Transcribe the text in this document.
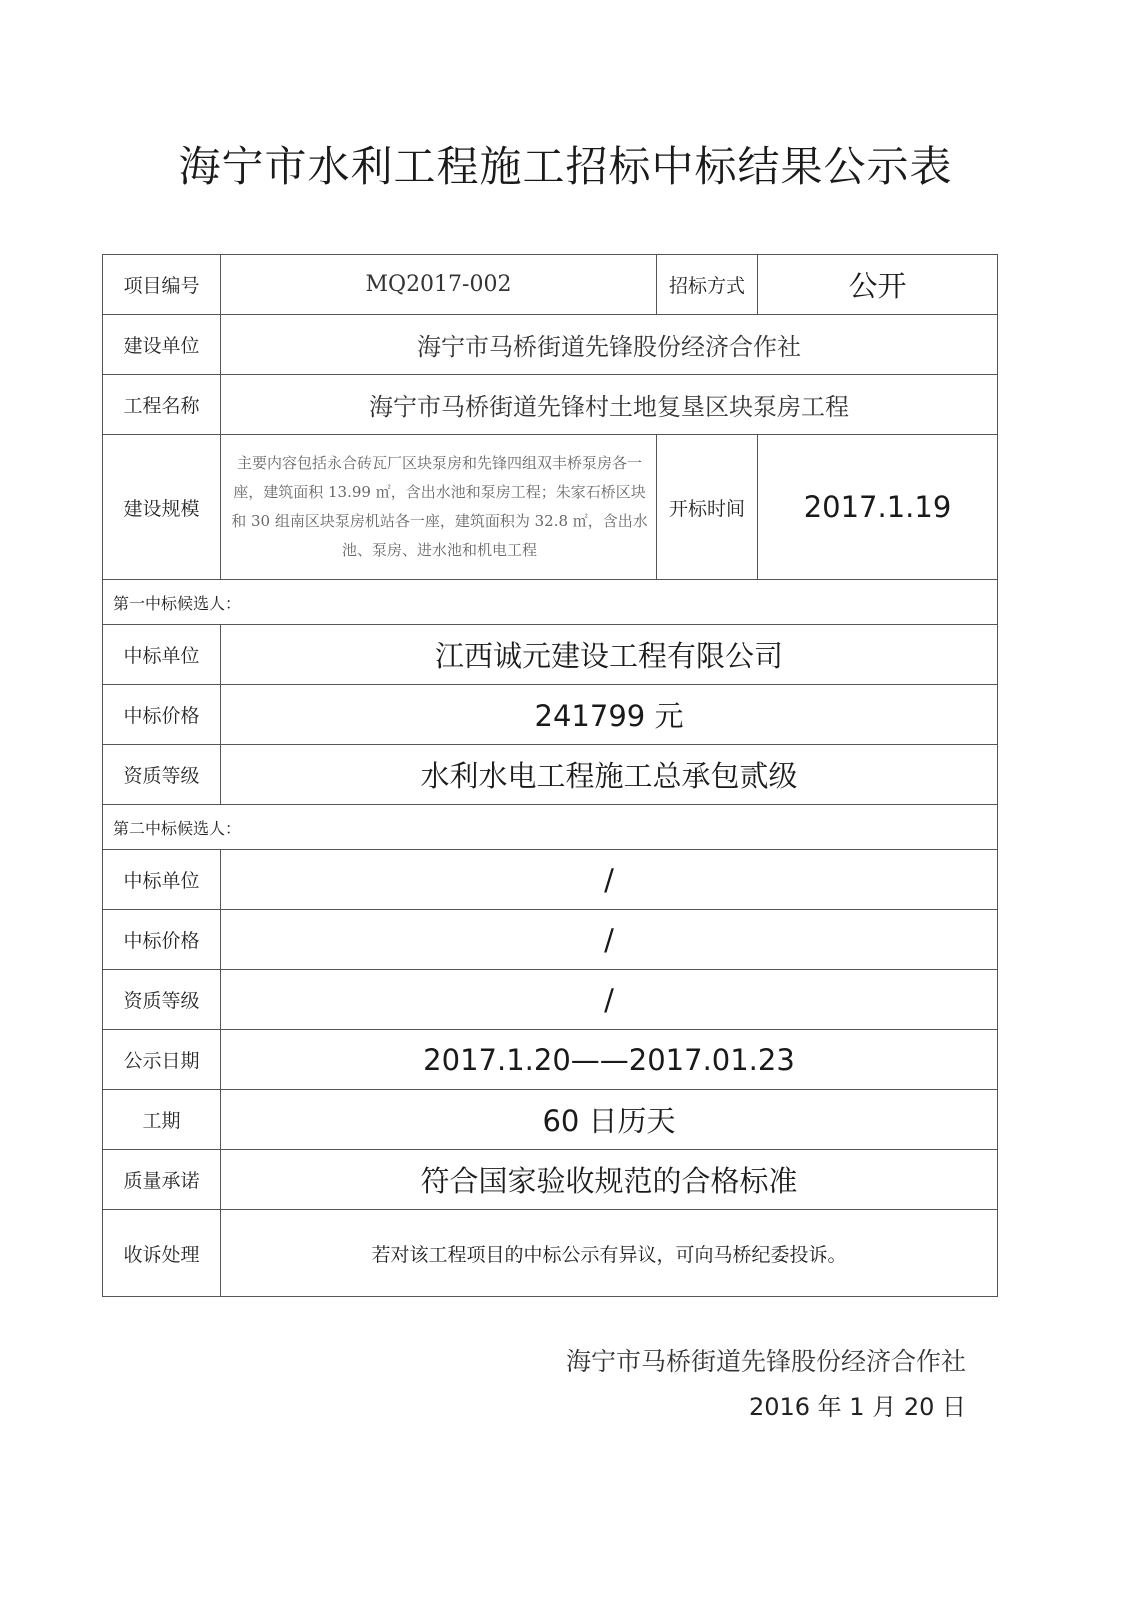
海宁市水利工程施工招标中标结果公示表
项目编号	MQ2017-002	招标方式	公开
建设单位	海宁市马桥街道先锋股份经济合作社		
工程名称	海宁市马桥街道先锋村土地复垦区块泵房工程		
建设规模	主要内容包括永合砖瓦厂区块泵房和先锋四组双丰桥泵房各一座，建筑面积 13.99 ㎡，含出水池和泵房工程；朱家石桥区块和 30 组南区块泵房机站各一座，建筑面积为 32.8 ㎡，含出水池、泵房、进水池和机电工程	开标时间	2017.1.19
第一中标候选人：			
中标单位	江西诚元建设工程有限公司		
中标价格	241799 元		
资质等级	水利水电工程施工总承包贰级		
第二中标候选人：			
中标单位	/		
中标价格	/		
资质等级	/		
公示日期	2017.1.20——2017.01.23		
工期	60 日历天		
质量承诺	符合国家验收规范的合格标准		
收诉处理	若对该工程项目的中标公示有异议，可向马桥纪委投诉。		
海宁市马桥街道先锋股份经济合作社
2016 年 1 月 20 日
